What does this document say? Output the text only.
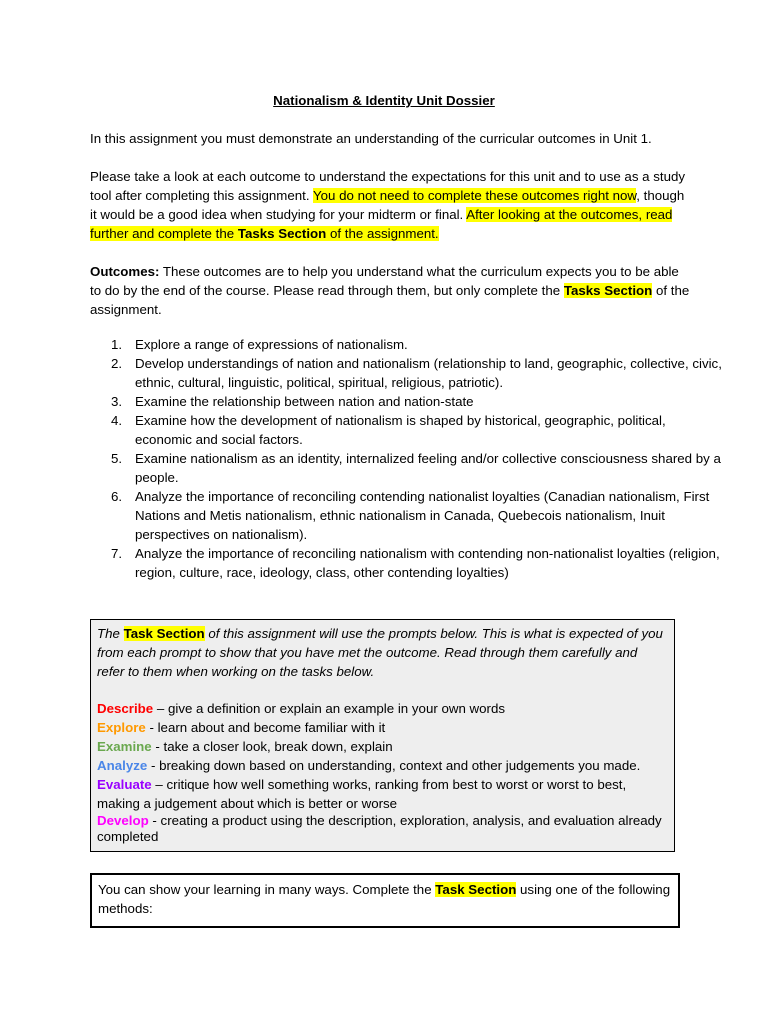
Nationalism & Identity Unit Dossier
In this assignment you must demonstrate an understanding of the curricular outcomes in Unit 1.
Please take a look at each outcome to understand the expectations for this unit and to use as a study tool after completing this assignment. You do not need to complete these outcomes right now, though it would be a good idea when studying for your midterm or final. After looking at the outcomes, read further and complete the Tasks Section of the assignment.
Outcomes: These outcomes are to help you understand what the curriculum expects you to be able to do by the end of the course. Please read through them, but only complete the Tasks Section of the assignment.
1. Explore a range of expressions of nationalism.
2. Develop understandings of nation and nationalism (relationship to land, geographic, collective, civic, ethnic, cultural, linguistic, political, spiritual, religious, patriotic).
3. Examine the relationship between nation and nation-state
4. Examine how the development of nationalism is shaped by historical, geographic, political, economic and social factors.
5. Examine nationalism as an identity, internalized feeling and/or collective consciousness shared by a people.
6. Analyze the importance of reconciling contending nationalist loyalties (Canadian nationalism, First Nations and Metis nationalism, ethnic nationalism in Canada, Quebecois nationalism, Inuit perspectives on nationalism).
7. Analyze the importance of reconciling nationalism with contending non-nationalist loyalties (religion, region, culture, race, ideology, class, other contending loyalties)
The Task Section of this assignment will use the prompts below. This is what is expected of you from each prompt to show that you have met the outcome. Read through them carefully and refer to them when working on the tasks below.
Describe – give a definition or explain an example in your own words
Explore - learn about and become familiar with it
Examine - take a closer look, break down, explain
Analyze - breaking down based on understanding, context and other judgements you made.
Evaluate – critique how well something works, ranking from best to worst or worst to best, making a judgement about which is better or worse
Develop - creating a product using the description, exploration, analysis, and evaluation already completed
You can show your learning in many ways. Complete the Task Section using one of the following methods:
